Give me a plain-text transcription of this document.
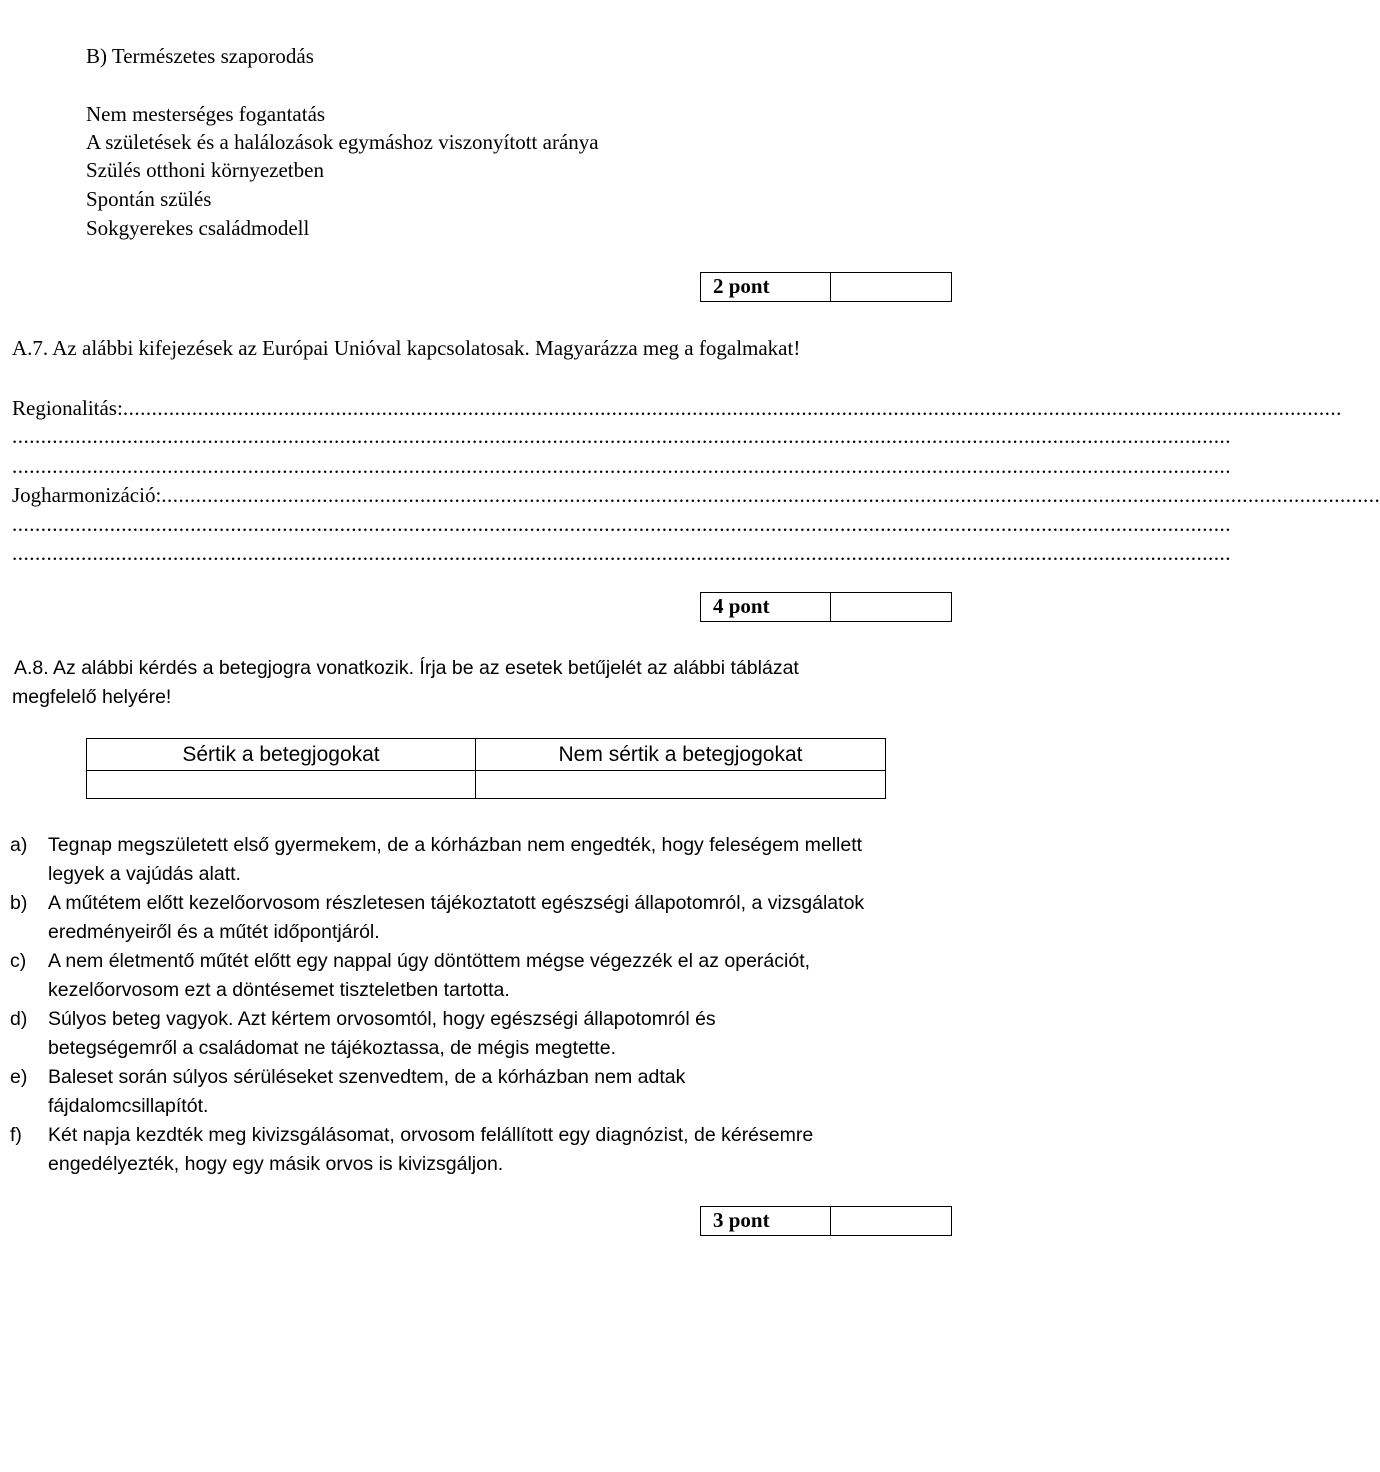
B) Természetes szaporodás
Nem mesterséges fogantatás
A születések és a halálozások egymáshoz viszonyított aránya
Szülés otthoni környezetben
Spontán szülés
Sokgyerekes családmodell
2 pont
A.7. Az alábbi kifejezések az Európai Unióval kapcsolatosak. Magyarázza meg a fogalmakat!
Regionalitás: ....................................................................................................................................................................................................................
....................................................................................................................................................................................................................
....................................................................................................................................................................................................................
Jogharmonizáció: ....................................................................................................................................................................................................................
....................................................................................................................................................................................................................
....................................................................................................................................................................................................................
4 pont
A.8. Az alábbi kérdés a betegjogra vonatkozik. Írja be az esetek betűjelét az alábbi táblázat
megfelelő helyére!
Sértik a betegjogokat	Nem sértik a betegjogokat

a) Tegnap megszületett első gyermekem, de a kórházban nem engedték, hogy feleségem mellett legyek a vajúdás alatt.
b) A műtétem előtt kezelőorvosom részletesen tájékoztatott egészségi állapotomról, a vizsgálatok eredményeiről és a műtét időpontjáról.
c) A nem életmentő műtét előtt egy nappal úgy döntöttem mégse végezzék el az operációt, kezelőorvosom ezt a döntésemet tiszteletben tartotta.
d) Súlyos beteg vagyok. Azt kértem orvosomtól, hogy egészségi állapotomról és betegségemről a családomat ne tájékoztassa, de mégis megtette.
e) Baleset során súlyos sérüléseket szenvedtem, de a kórházban nem adtak fájdalomcsillapítót.
f) Két napja kezdték meg kivizsgálásomat, orvosom felállított egy diagnózist, de kérésemre engedélyezték, hogy egy másik orvos is kivizsgáljon.
3 pont
